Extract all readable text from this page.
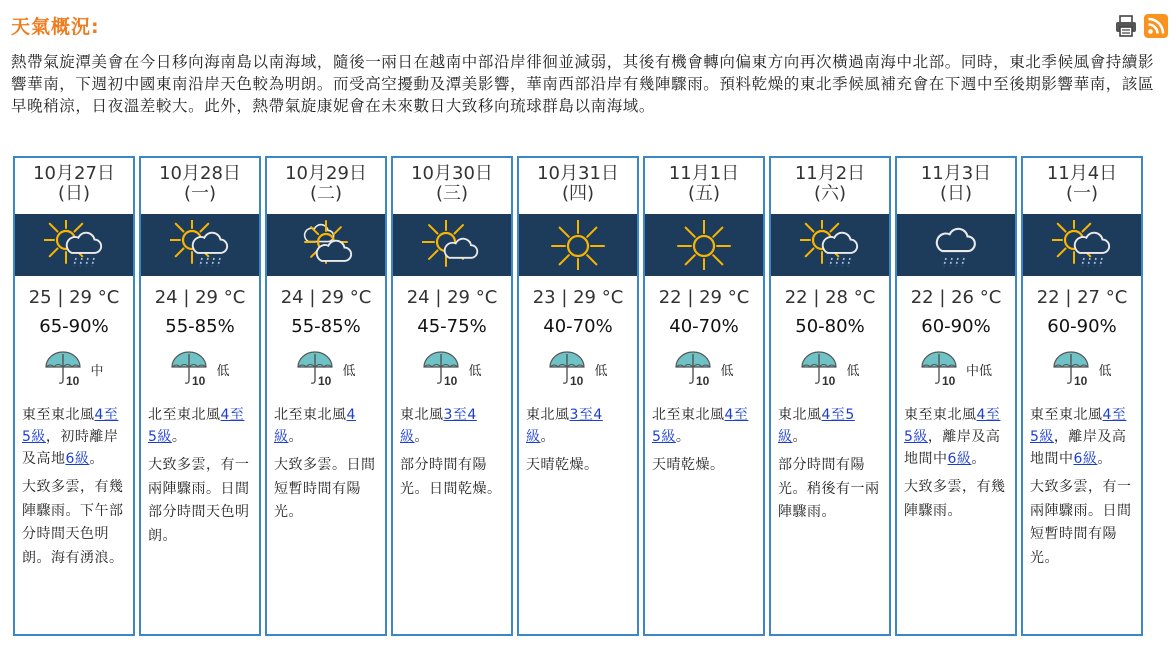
天氣概況:
熱帶氣旋潭美會在今日移向海南島以南海域，隨後一兩日在越南中部沿岸徘徊並減弱，其後有機會轉向偏東方向再次橫過南海中北部。同時，東北季候風會持續影響華南，下週初中國東南沿岸天色較為明朗。而受高空擾動及潭美影響，華南西部沿岸有幾陣驟雨。預料乾燥的東北季候風補充會在下週中至後期影響華南，該區早晚稍涼，日夜溫差較大。此外，熱帶氣旋康妮會在未來數日大致移向琉球群島以南海域。
10月27日
(日)
25 | 29 °C
65-90%
10
中
東至東北風4至5級，初時離岸及高地6級。
大致多雲，有幾陣驟雨。下午部分時間天色明朗。海有湧浪。
10月28日
(一)
24 | 29 °C
55-85%
10
低
北至東北風4至5級。
大致多雲，有一兩陣驟雨。日間部分時間天色明朗。
10月29日
(二)
24 | 29 °C
55-85%
10
低
北至東北風4級。
大致多雲。日間短暫時間有陽光。
10月30日
(三)
24 | 29 °C
45-75%
10
低
東北風3至4級。
部分時間有陽光。日間乾燥。
10月31日
(四)
23 | 29 °C
40-70%
10
低
東北風3至4級。
天晴乾燥。
11月1日
(五)
22 | 29 °C
40-70%
10
低
北至東北風4至5級。
天晴乾燥。
11月2日
(六)
22 | 28 °C
50-80%
10
低
東北風4至5級。
部分時間有陽光。稍後有一兩陣驟雨。
11月3日
(日)
22 | 26 °C
60-90%
10
中低
東至東北風4至5級，離岸及高地間中6級。
大致多雲，有幾陣驟雨。
11月4日
(一)
22 | 27 °C
60-90%
10
低
東至東北風4至5級，離岸及高地間中6級。
大致多雲，有一兩陣驟雨。日間短暫時間有陽光。
